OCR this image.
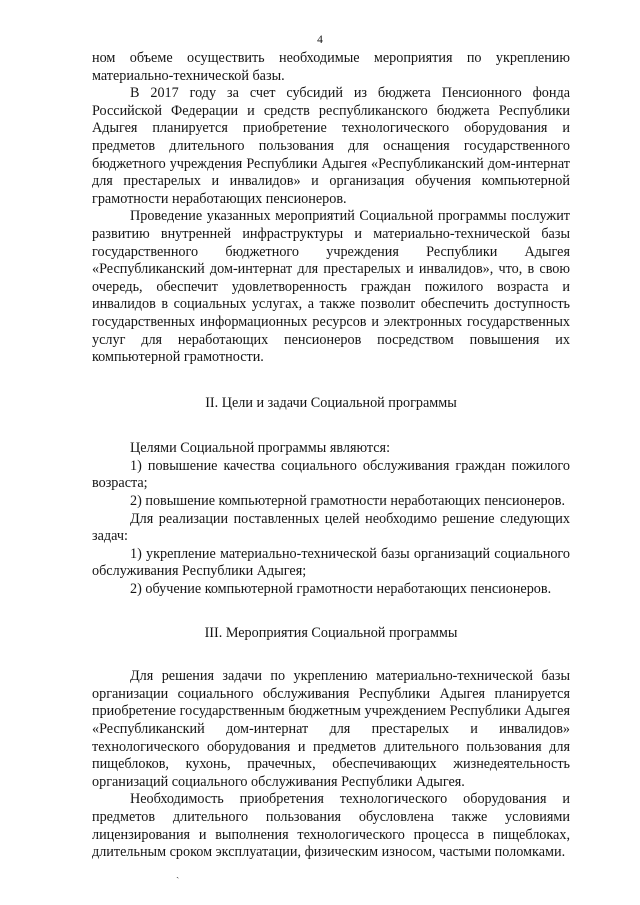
4

ном объеме осуществить необходимые мероприятия по укреплению материально-технической базы.

В 2017 году за счет субсидий из бюджета Пенсионного фонда Российской Федерации и средств республиканского бюджета Республики Адыгея планируется приобретение технологического оборудования и предметов длительного пользования для оснащения государственного бюджетного учреждения Республики Адыгея «Республиканский дом-интернат для престарелых и инвалидов» и организация обучения компьютерной грамотности неработающих пенсионеров.

Проведение указанных мероприятий Социальной программы послужит развитию внутренней инфраструктуры и материально-технической базы государственного бюджетного учреждения Республики Адыгея «Республиканский дом-интернат для престарелых и инвалидов», что, в свою очередь, обеспечит удовлетворенность граждан пожилого возраста и инвалидов в социальных услугах, а также позволит обеспечить доступность государственных информационных ресурсов и электронных государственных услуг для неработающих пенсионеров посредством повышения их компьютерной грамотности.

II. Цели и задачи Социальной программы

Целями Социальной программы являются:

1) повышение качества социального обслуживания граждан пожилого возраста;

2) повышение компьютерной грамотности неработающих пенсионеров.

Для реализации поставленных целей необходимо решение следующих задач:

1) укрепление материально-технической базы организаций социального обслуживания Республики Адыгея;

2) обучение компьютерной грамотности неработающих пенсионеров.

III. Мероприятия Социальной программы

Для решения задачи по укреплению материально-технической базы организации социального обслуживания Республики Адыгея планируется приобретение государственным бюджетным учреждением Республики Адыгея «Республиканский дом-интернат для престарелых и инвалидов» технологического оборудования и предметов длительного пользования для пищеблоков, кухонь, прачечных, обеспечивающих жизнедеятельность организаций социального обслуживания Республики Адыгея.

Необходимость приобретения технологического оборудования и предметов длительного пользования обусловлена также условиями лицензирования и выполнения технологического процесса в пищеблоках, длительным сроком эксплуатации, физическим износом, частыми поломками.

ˎ
